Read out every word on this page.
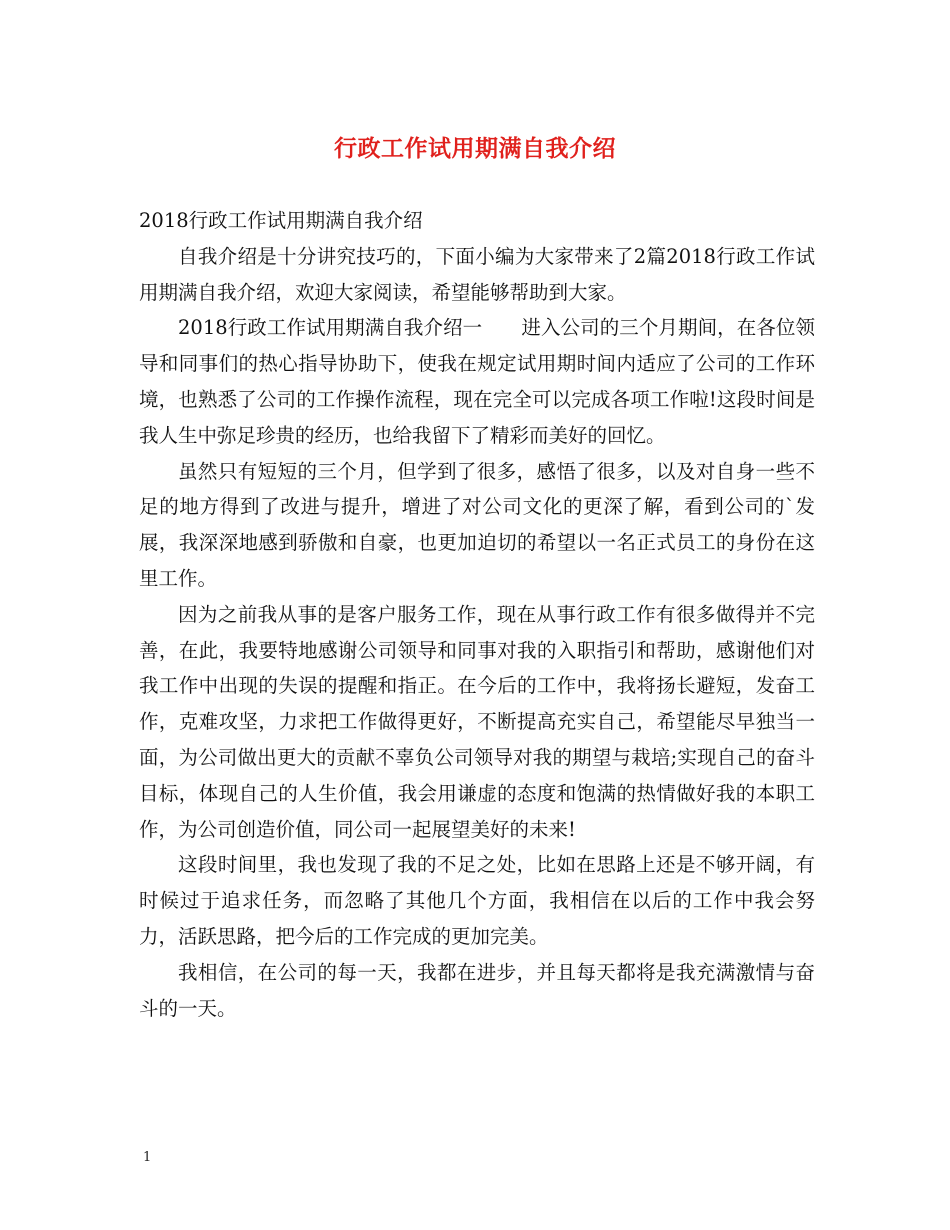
行政工作试用期满自我介绍

2018行政工作试用期满自我介绍

自我介绍是十分讲究技巧的，下面小编为大家带来了2篇2018行政工作试用期满自我介绍，欢迎大家阅读，希望能够帮助到大家。

2018行政工作试用期满自我介绍一　　进入公司的三个月期间，在各位领导和同事们的热心指导协助下，使我在规定试用期时间内适应了公司的工作环境，也熟悉了公司的工作操作流程，现在完全可以完成各项工作啦!这段时间是我人生中弥足珍贵的经历，也给我留下了精彩而美好的回忆。

虽然只有短短的三个月，但学到了很多，感悟了很多，以及对自身一些不足的地方得到了改进与提升，增进了对公司文化的更深了解，看到公司的`发展，我深深地感到骄傲和自豪，也更加迫切的希望以一名正式员工的身份在这里工作。

因为之前我从事的是客户服务工作，现在从事行政工作有很多做得并不完善，在此，我要特地感谢公司领导和同事对我的入职指引和帮助，感谢他们对我工作中出现的失误的提醒和指正。在今后的工作中，我将扬长避短，发奋工作，克难攻坚，力求把工作做得更好，不断提高充实自己，希望能尽早独当一面，为公司做出更大的贡献不辜负公司领导对我的期望与栽培;实现自己的奋斗目标，体现自己的人生价值，我会用谦虚的态度和饱满的热情做好我的本职工作，为公司创造价值，同公司一起展望美好的未来!

这段时间里，我也发现了我的不足之处，比如在思路上还是不够开阔，有时候过于追求任务，而忽略了其他几个方面，我相信在以后的工作中我会努力，活跃思路，把今后的工作完成的更加完美。

我相信，在公司的每一天，我都在进步，并且每天都将是我充满激情与奋斗的一天。

1
